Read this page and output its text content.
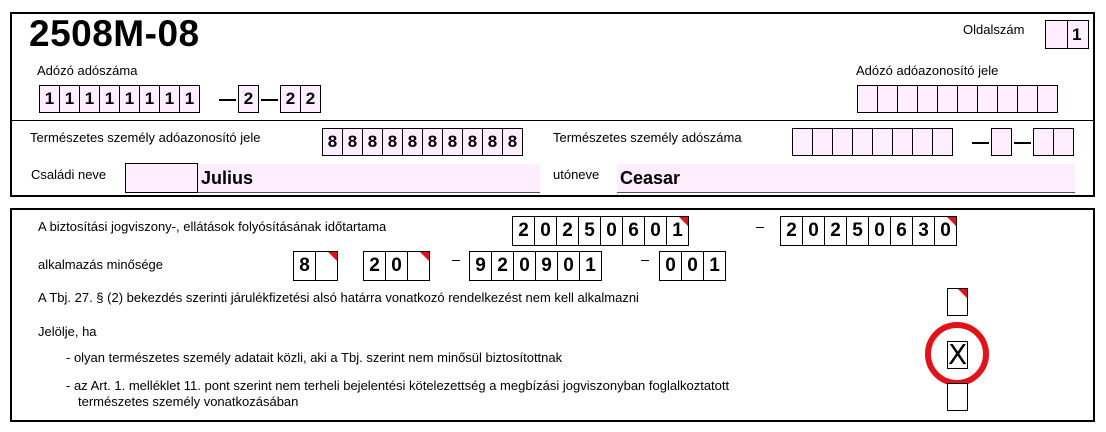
2508M-08	Oldalszám	1
Adózó adószáma
1 1 1 1 1 1 1 1	2	2 2
Adózó adóazonosító jele
Természetes személy adóazonosító jele	8 8 8 8 8 8 8 8 8 8	Természetes személy adószáma
Családi neve	Julius	utóneve Ceasar
A biztosítási jogviszony-, ellátások folyósításának időtartama	2 0 2 5 0 6 0 1	2 0 2 5 0 6 3 0
alkalmazás minősége	8	2 0	9 2 0 9 0 1	0 0 1
A Tbj. 27. § (2) bekezdés szerinti járulékfizetési alsó határra vonatkozó rendelkezést nem kell alkalmazni
Jelölje, ha
- olyan természetes személy adatait közli, aki a Tbj. szerint nem minősül biztosítottnak	X
- az Art. 1. melléklet 11. pont szerint nem terheli bejelentési kötelezettség a megbízási jogviszonyban foglalkoztatott
természetes személy vonatkozásában
